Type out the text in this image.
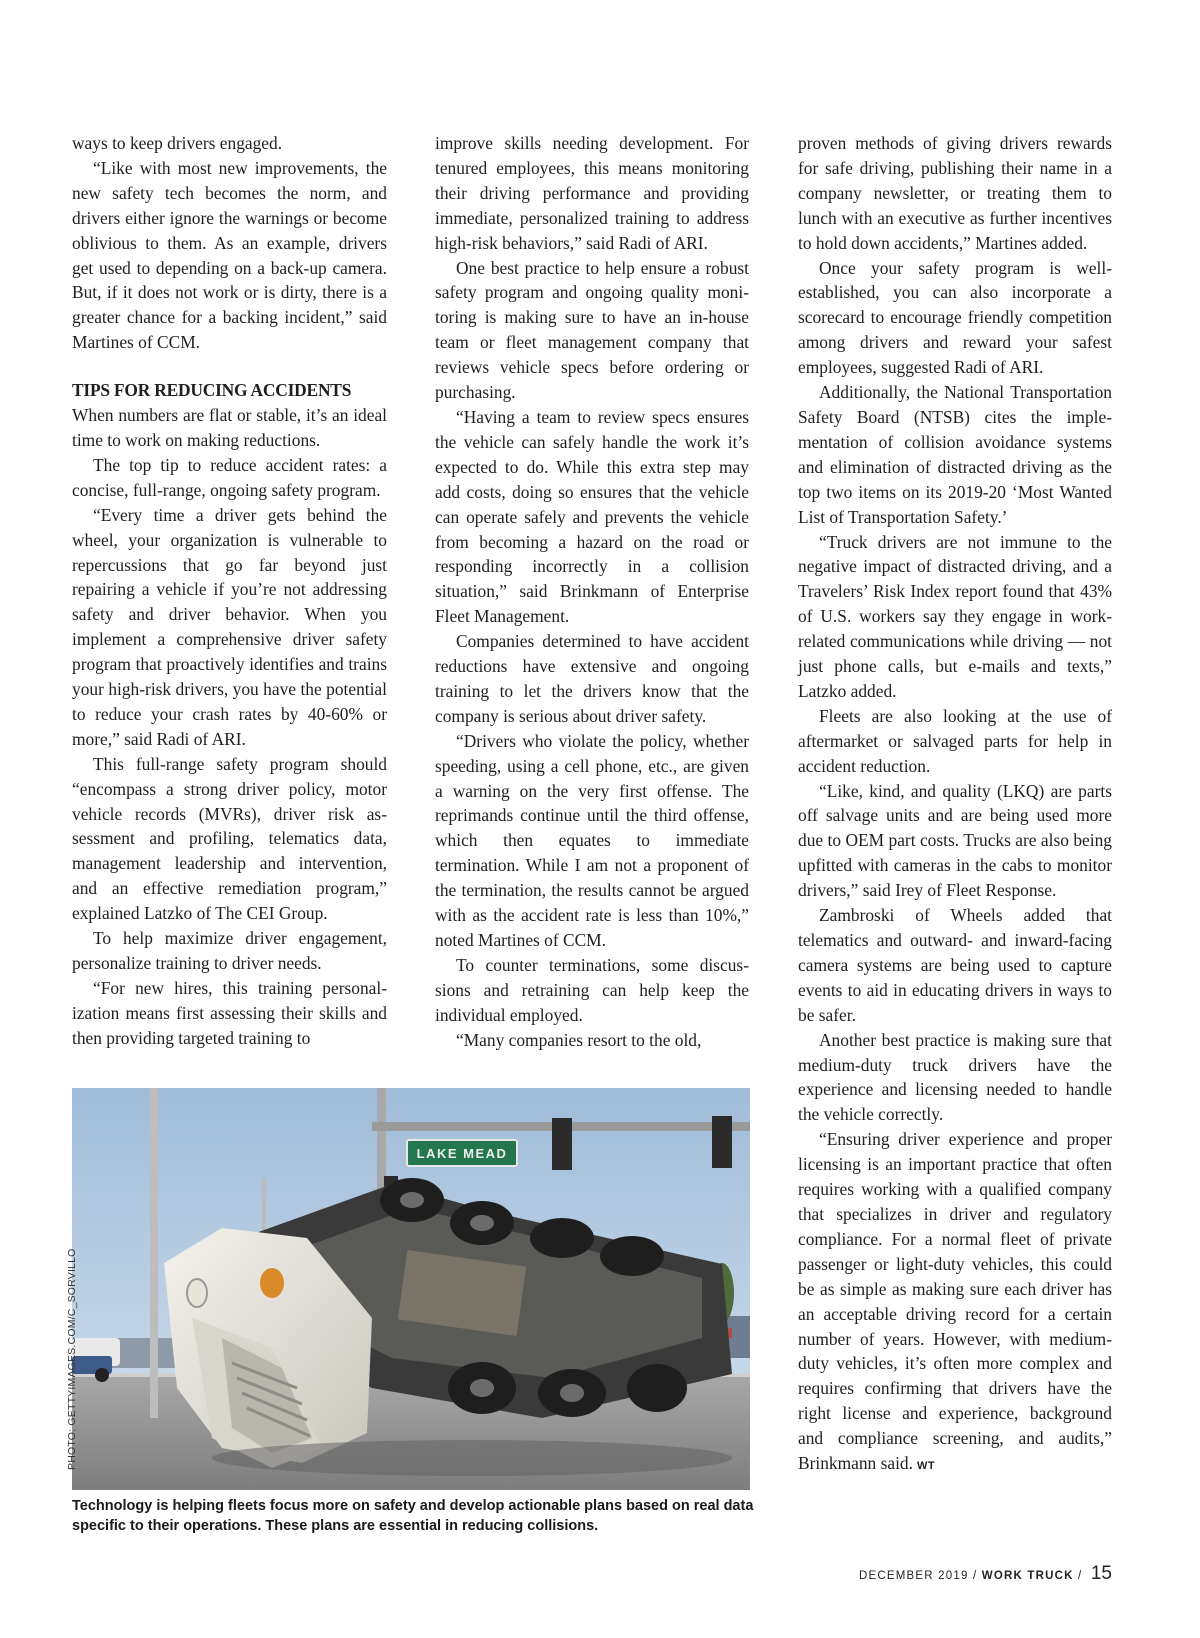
ways to keep drivers engaged.

“Like with most new improvements, the new safety tech becomes the norm, and drivers either ignore the warnings or become oblivious to them. As an example, drivers get used to depending on a back-up camera. But, if it does not work or is dirty, there is a greater chance for a backing incident,” said Martines of CCM.

TIPS FOR REDUCING ACCIDENTS

When numbers are flat or stable, it’s an ideal time to work on making reductions.

The top tip to reduce accident rates: a concise, full-range, ongoing safety program.

“Every time a driver gets behind the wheel, your organization is vulnerable to repercussions that go far beyond just repairing a vehicle if you’re not addressing safety and driver behavior. When you implement a comprehensive driver safety program that proactively identifies and trains your high-risk drivers, you have the potential to reduce your crash rates by 40-60% or more,” said Radi of ARI.

This full-range safety program should “encompass a strong driver policy, motor vehicle records (MVRs), driver risk assessment and profiling, telematics data, management leadership and intervention, and an effective remediation program,” explained Latzko of The CEI Group.

To help maximize driver engagement, personalize training to driver needs.

“For new hires, this training personalization means first assessing their skills and then providing targeted training to

improve skills needing development. For tenured employees, this means monitoring their driving performance and providing immediate, personalized training to address high-risk behaviors,” said Radi of ARI.

One best practice to help ensure a robust safety program and ongoing quality monitoring is making sure to have an in-house team or fleet management company that reviews vehicle specs before ordering or purchasing.

“Having a team to review specs ensures the vehicle can safely handle the work it’s expected to do. While this extra step may add costs, doing so ensures that the vehicle can operate safely and prevents the vehicle from becoming a hazard on the road or responding incorrectly in a collision situation,” said Brinkmann of Enterprise Fleet Management.

Companies determined to have accident reductions have extensive and ongoing training to let the drivers know that the company is serious about driver safety.

“Drivers who violate the policy, whether speeding, using a cell phone, etc., are given a warning on the very first offense. The reprimands continue until the third offense, which then equates to immediate termination. While I am not a proponent of the termination, the results cannot be argued with as the accident rate is less than 10%,” noted Martines of CCM.

To counter terminations, some discussions and retraining can help keep the individual employed.

“Many companies resort to the old,

proven methods of giving drivers rewards for safe driving, publishing their name in a company newsletter, or treating them to lunch with an executive as further incentives to hold down accidents,” Martines added.

Once your safety program is well-established, you can also incorporate a scorecard to encourage friendly competition among drivers and reward your safest employees, suggested Radi of ARI.

Additionally, the National Transportation Safety Board (NTSB) cites the implementation of collision avoidance systems and elimination of distracted driving as the top two items on its 2019-20 ‘Most Wanted List of Transportation Safety.’

“Truck drivers are not immune to the negative impact of distracted driving, and a Travelers’ Risk Index report found that 43% of U.S. workers say they engage in work-related communications while driving — not just phone calls, but e-mails and texts,” Latzko added.

Fleets are also looking at the use of aftermarket or salvaged parts for help in accident reduction.

“Like, kind, and quality (LKQ) are parts off salvage units and are being used more due to OEM part costs. Trucks are also being upfitted with cameras in the cabs to monitor drivers,” said Irey of Fleet Response.

Zambroski of Wheels added that telematics and outward- and inward-facing camera systems are being used to capture events to aid in educating drivers in ways to be safer.

Another best practice is making sure that medium-duty truck drivers have the experience and licensing needed to handle the vehicle correctly.

“Ensuring driver experience and proper licensing is an important practice that often requires working with a qualified company that specializes in driver and regulatory compliance. For a normal fleet of private passenger or light-duty vehicles, this could be as simple as making sure each driver has an acceptable driving record for a certain number of years. However, with medium-duty vehicles, it’s often more complex and requires confirming that drivers have the right license and experience, background and compliance screening, and audits,” Brinkmann said. WT

LAKE MEAD
PHOTO: GETTYIMAGES.COM/C_SORVILLO
Technology is helping fleets focus more on safety and develop actionable plans based on real data specific to their operations. These plans are essential in reducing collisions.
DECEMBER 2019 / WORK TRUCK / 15
